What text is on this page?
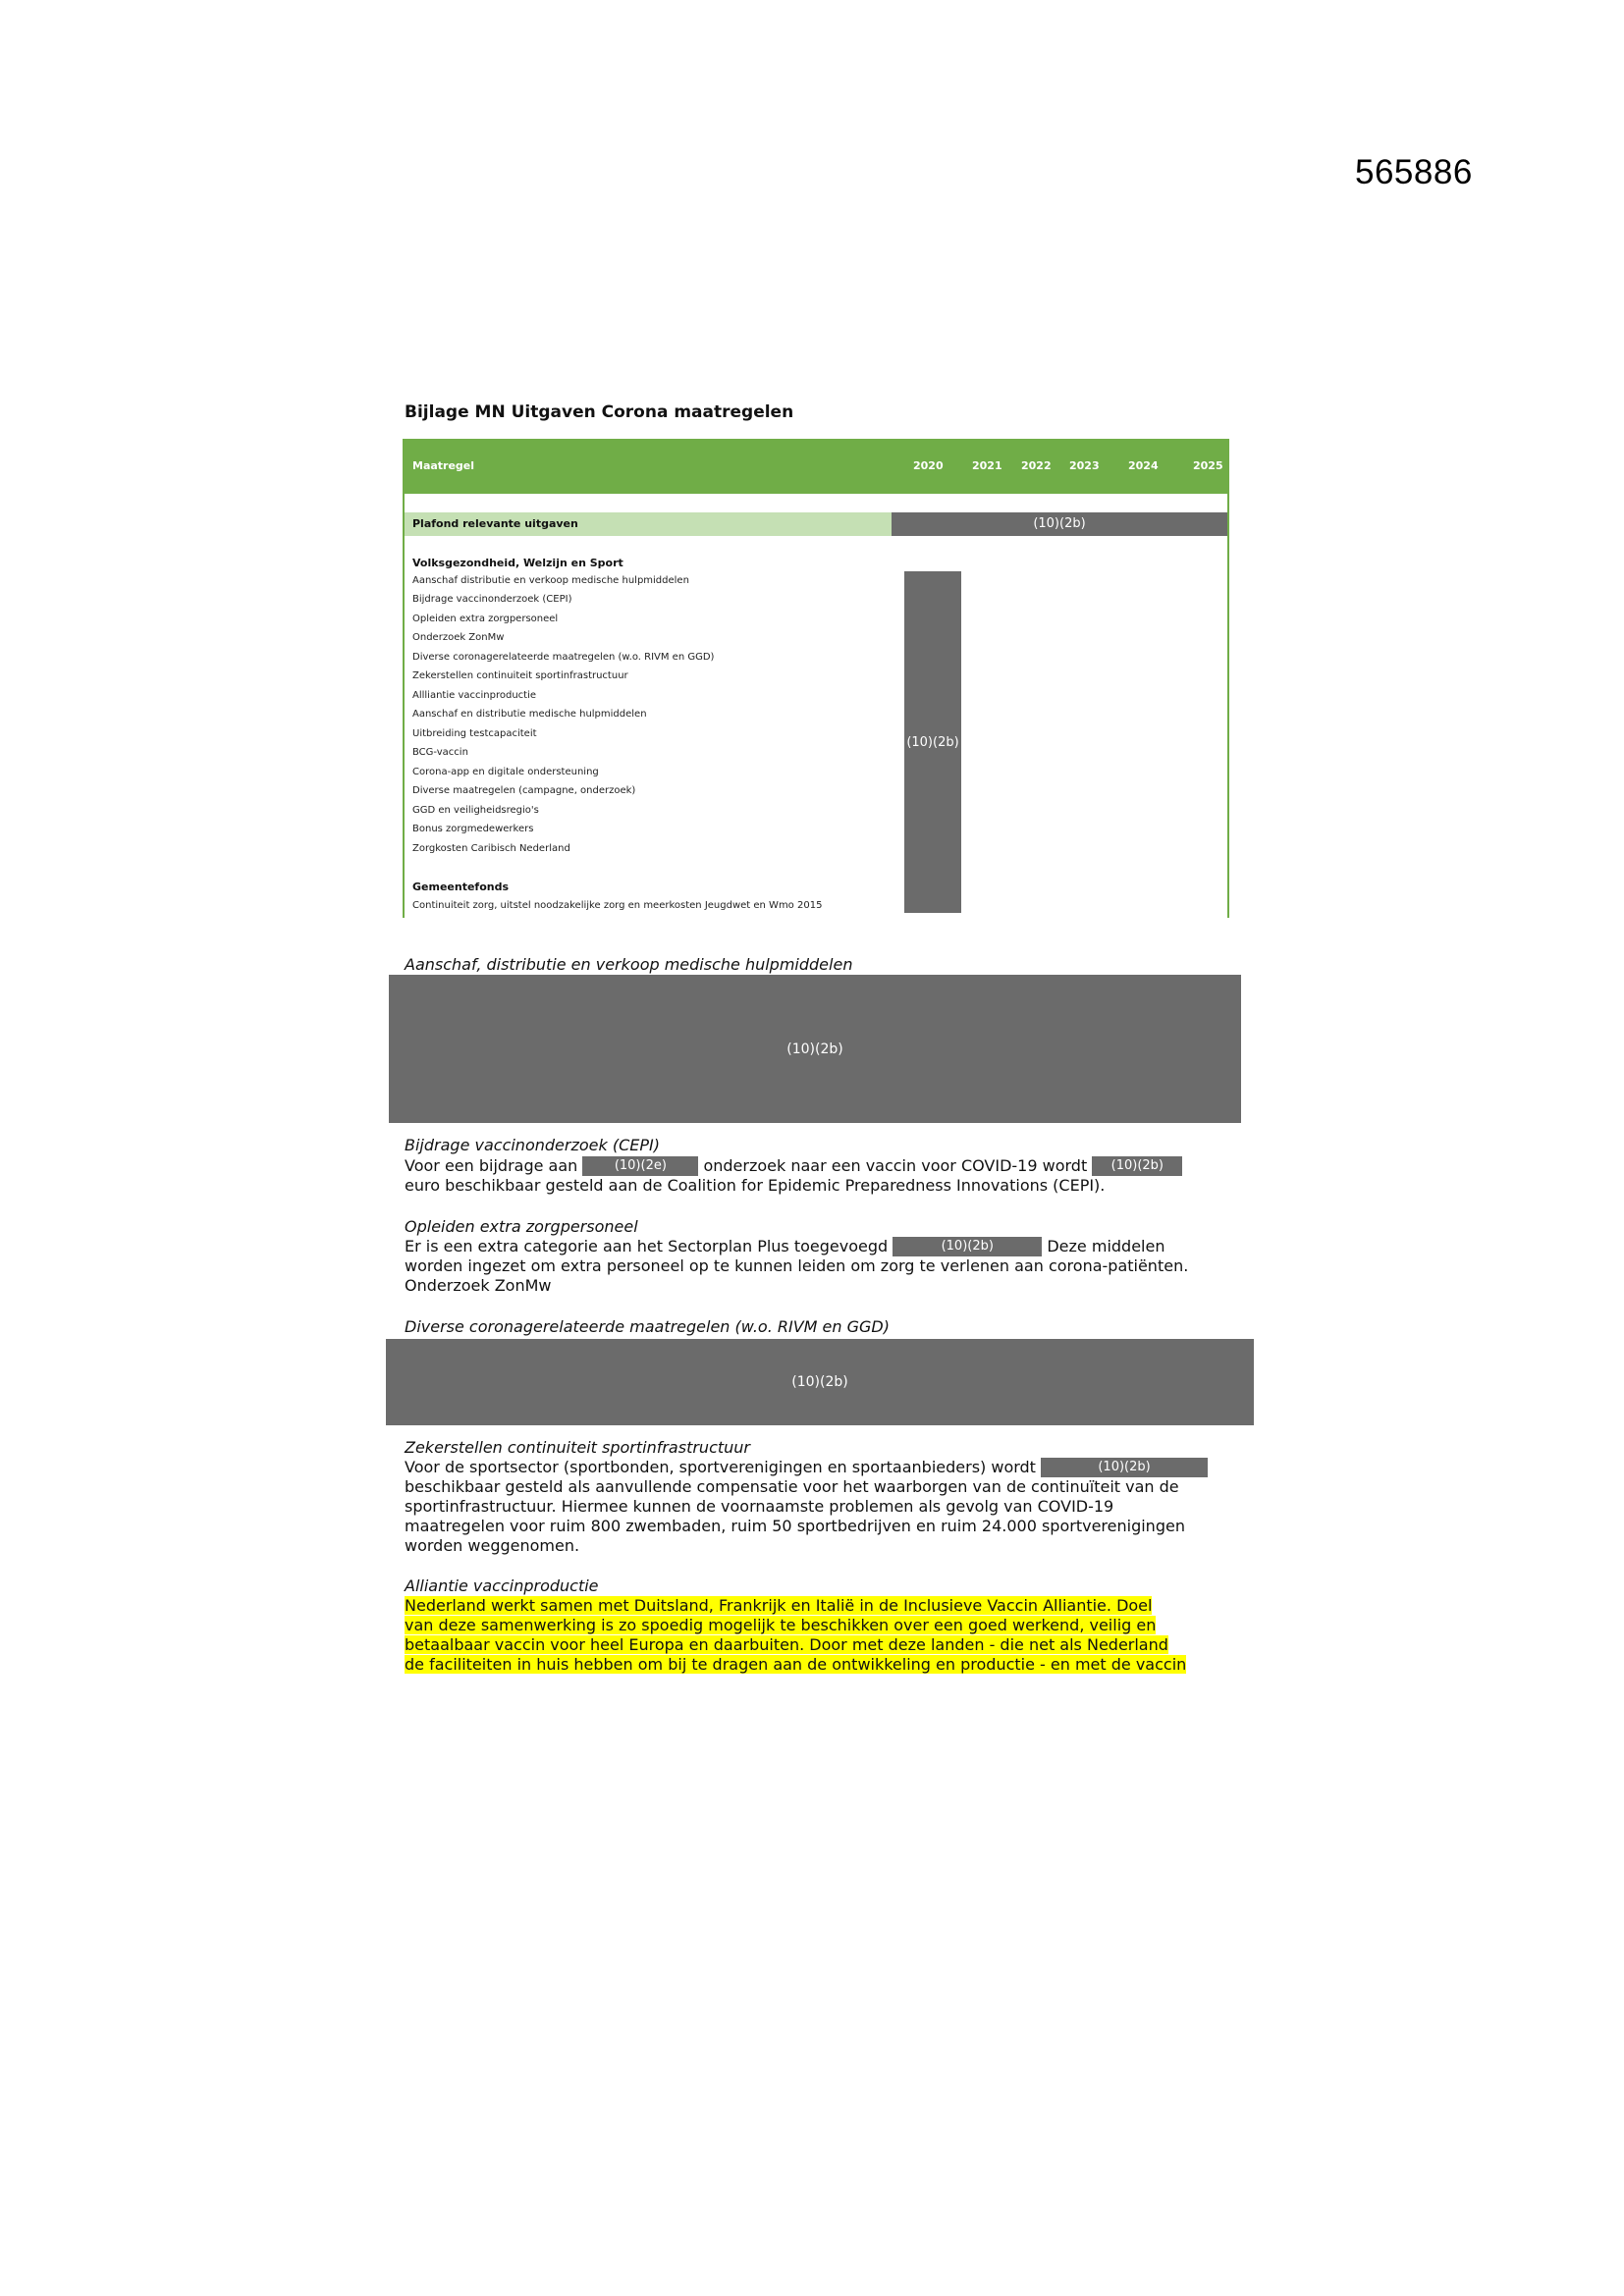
565886
Bijlage MN Uitgaven Corona maatregelen
Maatregel	2020	2021 2022 2023	2024	2025
Plafond relevante uitgaven	(10)(2b)
Volksgezondheid, Welzijn en Sport
Aanschaf distributie en verkoop medische hulpmiddelen
Bijdrage vaccinonderzoek (CEPI)
Opleiden extra zorgpersoneel
Onderzoek ZonMw
Diverse coronagerelateerde maatregelen (w.o. RIVM en GGD)
Zekerstellen continuiteit sportinfrastructuur
Allliantie vaccinproductie
Aanschaf en distributie medische hulpmiddelen
Uitbreiding testcapaciteit
BCG-vaccin
Corona-app en digitale ondersteuning
Diverse maatregelen (campagne, onderzoek)
GGD en veiligheidsregio's
Bonus zorgmedewerkers
Zorgkosten Caribisch Nederland
Gemeentefonds
Continuiteit zorg, uitstel noodzakelijke zorg en meerkosten Jeugdwet en Wmo 2015
(10)(2b)
Aanschaf, distributie en verkoop medische hulpmiddelen
(10)(2b)
Bijdrage vaccinonderzoek (CEPI)
Voor een bijdrage aan	(10)(2e) onderzoek naar een vaccin voor COVID-19 wordt (10)(2b)
euro beschikbaar gesteld aan de Coalition for Epidemic Preparedness Innovations (CEPI).
Opleiden extra zorgpersoneel
Er is een extra categorie aan het Sectorplan Plus toegevoegd	(10)(2b)	Deze middelen
worden ingezet om extra personeel op te kunnen leiden om zorg te verlenen aan corona-patiënten.
Onderzoek ZonMw
Diverse coronagerelateerde maatregelen (w.o. RIVM en GGD)
(10)(2b)
Zekerstellen continuiteit sportinfrastructuur
Voor de sportsector (sportbonden, sportverenigingen en sportaanbieders) wordt	(10)(2b)
beschikbaar gesteld als aanvullende compensatie voor het waarborgen van de continuïteit van de
sportinfrastructuur. Hiermee kunnen de voornaamste problemen als gevolg van COVID-19
maatregelen voor ruim 800 zwembaden, ruim 50 sportbedrijven en ruim 24.000 sportverenigingen
worden weggenomen.
Alliantie vaccinproductie
Nederland werkt samen met Duitsland, Frankrijk en Italië in de Inclusieve Vaccin Alliantie. Doel
van deze samenwerking is zo spoedig mogelijk te beschikken over een goed werkend, veilig en
betaalbaar vaccin voor heel Europa en daarbuiten. Door met deze landen - die net als Nederland
de faciliteiten in huis hebben om bij te dragen aan de ontwikkeling en productie - en met de vaccin
